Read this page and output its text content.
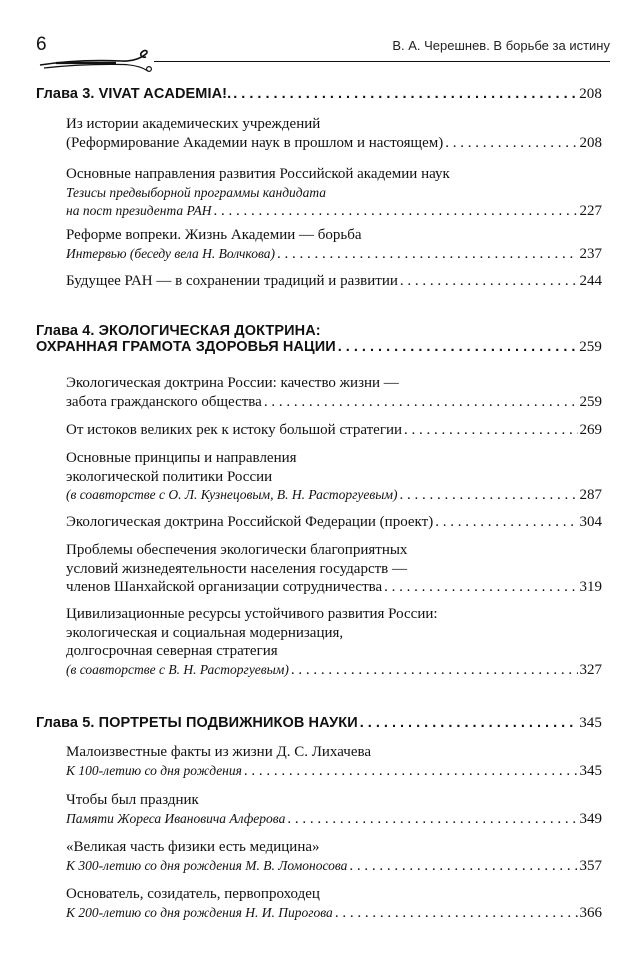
6	В. А. Черешнев. В борьбе за истину
Глава 3. VIVAT ACADEMIA!. . . .	208
Из истории академических учреждений
(Реформирование Академии наук в прошлом и настоящем) . . .	208
Основные направления развития Российской академии наук
Тезисы предвыборной программы кандидата
на пост президента РАН . . .	227
Реформе вопреки. Жизнь Академии — борьба
Интервью (беседу вела Н. Волчкова) . . .	237
Будущее РАН — в сохранении традиций и развитии . . .	244
Глава 4. ЭКОЛОГИЧЕСКАЯ ДОКТРИНА:
ОХРАННАЯ ГРАМОТА ЗДОРОВЬЯ НАЦИИ . . .	259
Экологическая доктрина России: качество жизни —
забота гражданского общества . . .	259
От истоков великих рек к истоку большой стратегии . . .	269
Основные принципы и направления
экологической политики России
(в соавторстве с О. Л. Кузнецовым, В. Н. Расторгуевым) . . .	287
Экологическая доктрина Российской Федерации (проект) . . .	304
Проблемы обеспечения экологически благоприятных
условий жизнедеятельности населения государств —
членов Шанхайской организации сотрудничества . . .	319
Цивилизационные ресурсы устойчивого развития России:
экологическая и социальная модернизация,
долгосрочная северная стратегия
(в соавторстве с В. Н. Расторгуевым) . . .	327
Глава 5. ПОРТРЕТЫ ПОДВИЖНИКОВ НАУКИ . . .	345
Малоизвестные факты из жизни Д. С. Лихачева
К 100-летию со дня рождения . . .	345
Чтобы был праздник
Памяти Жореса Ивановича Алферова . . .	349
«Великая часть физики есть медицина»
К 300-летию со дня рождения М. В. Ломоносова . . .	357
Основатель, созидатель, первопроходец
К 200-летию со дня рождения Н. И. Пирогова . . .	366
